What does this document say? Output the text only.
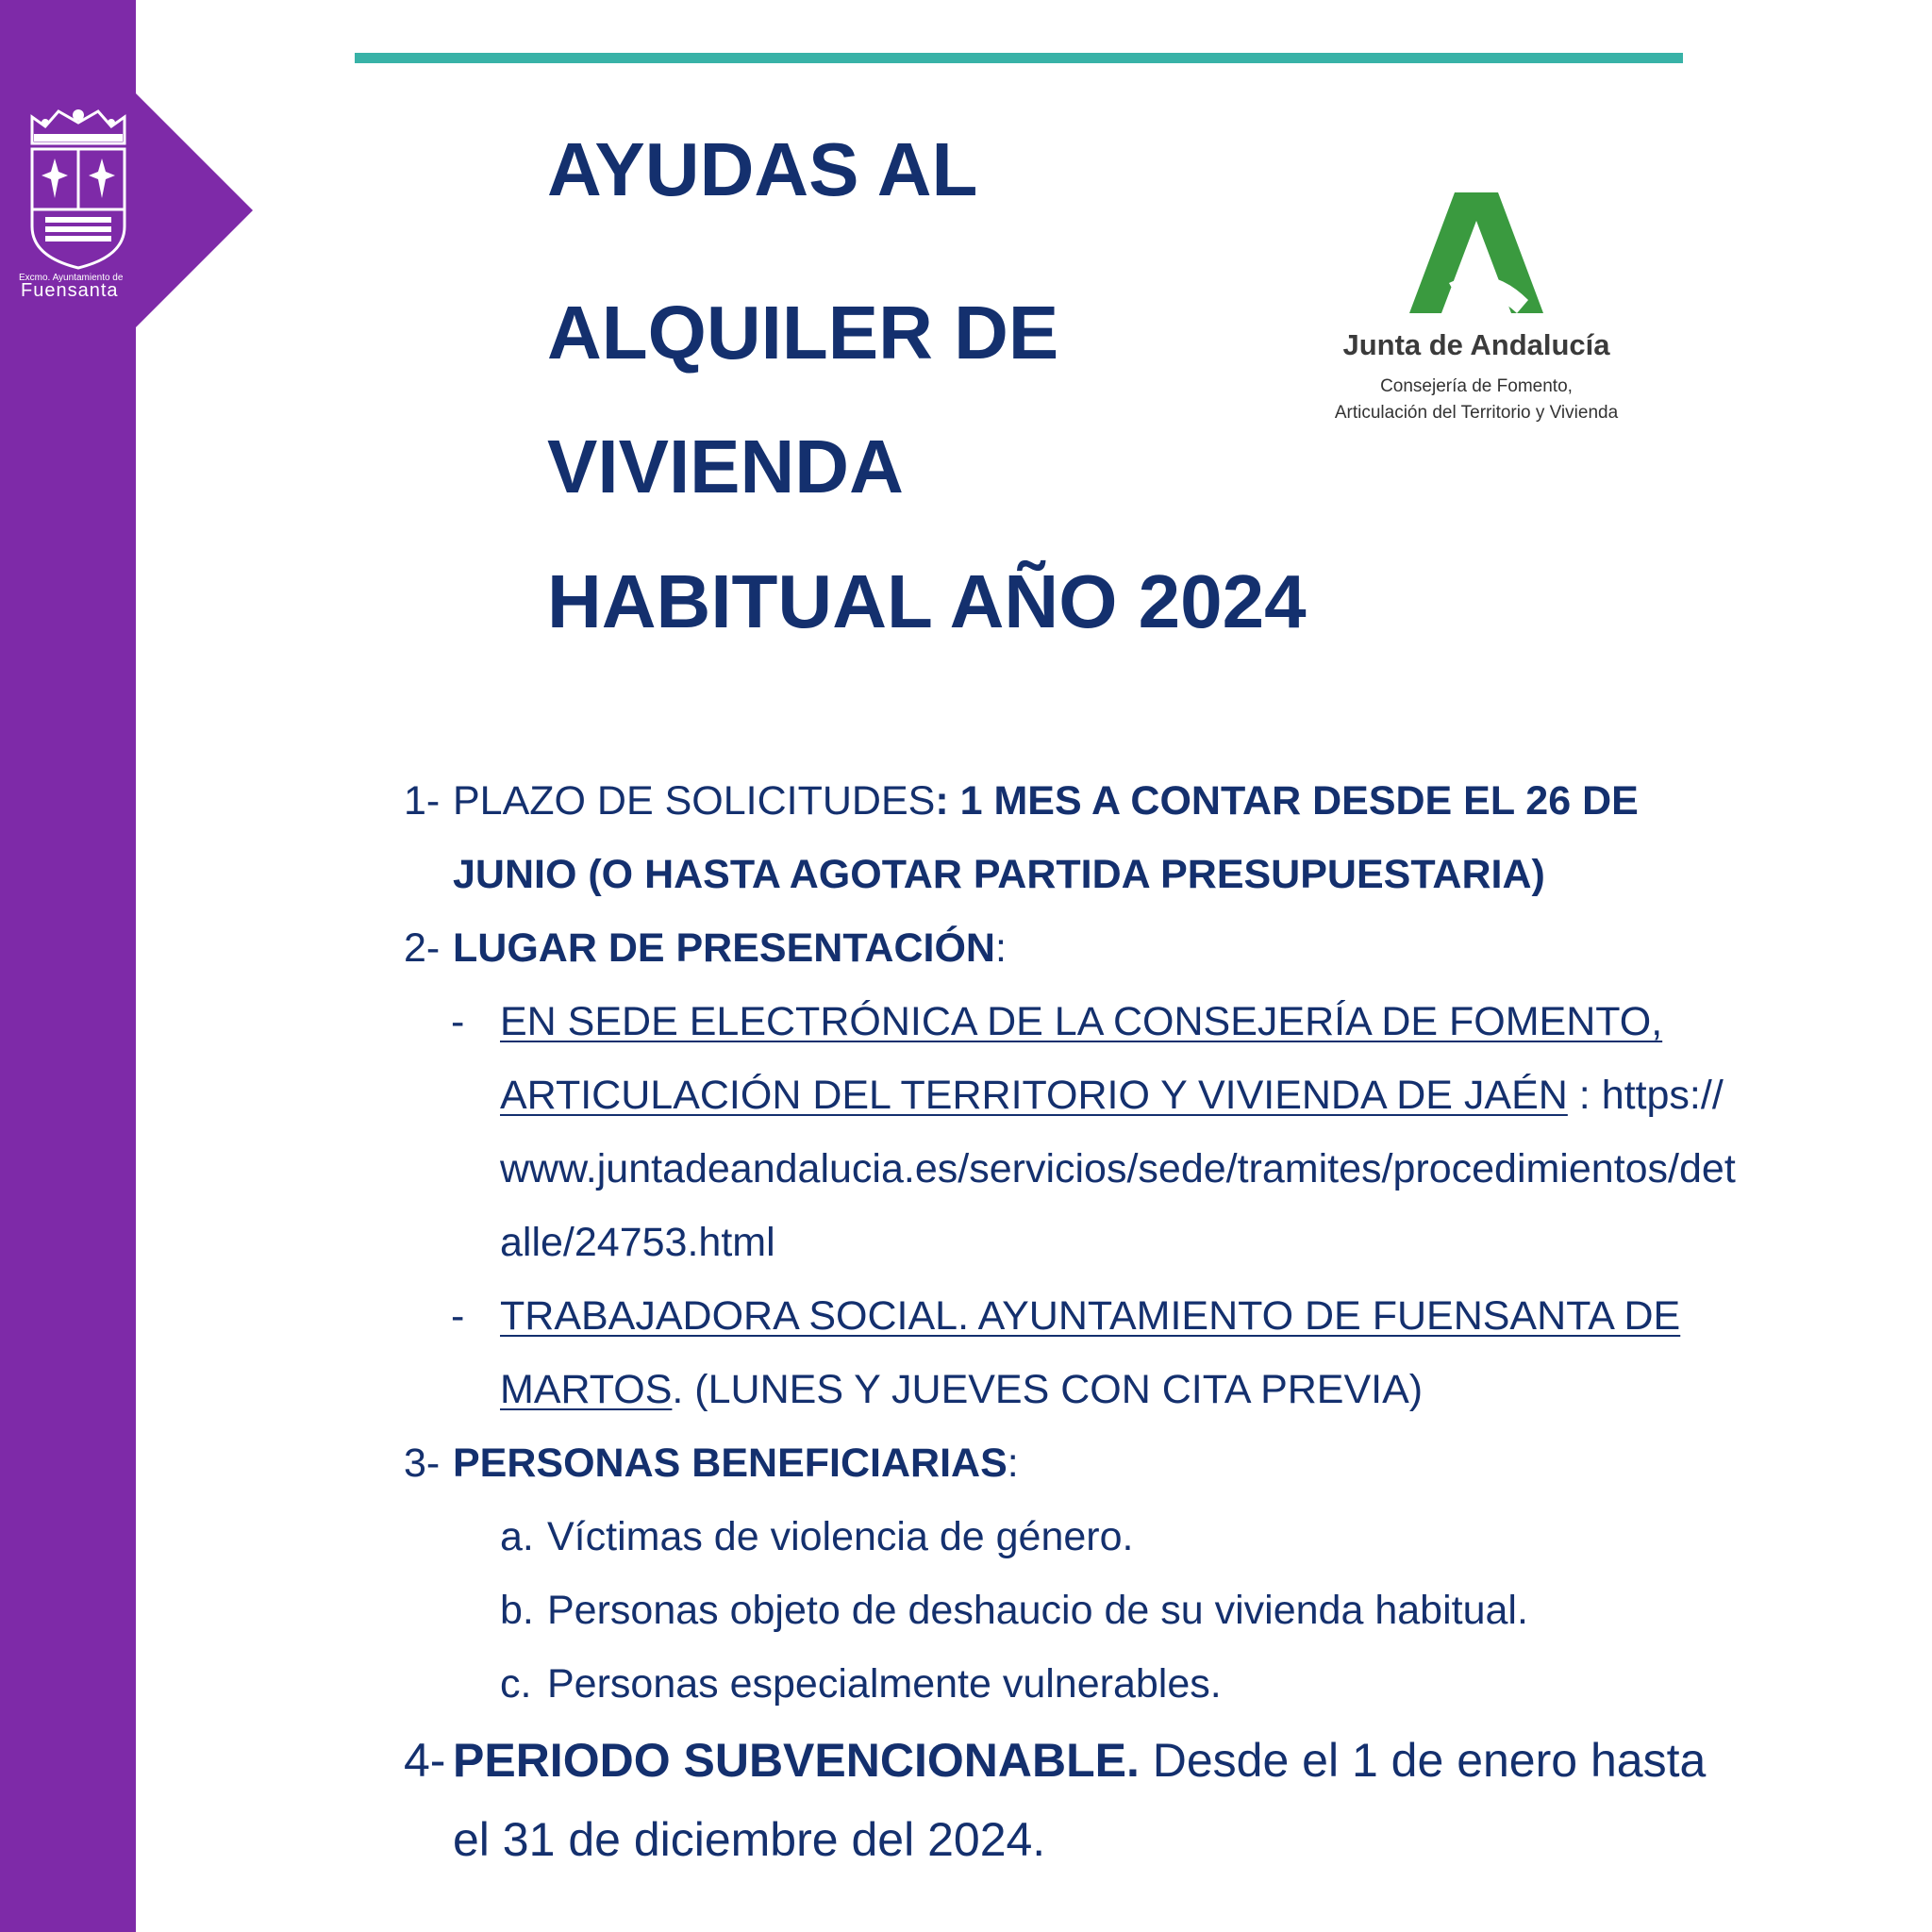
Excmo. Ayuntamiento de
Fuensanta
AYUDAS AL
ALQUILER DE
VIVIENDA
HABITUAL AÑO 2024
Junta de Andalucía
Consejería de Fomento,
Articulación del Territorio y Vivienda
1- PLAZO DE SOLICITUDES: 1 MES A CONTAR DESDE EL 26 DE JUNIO (O HASTA AGOTAR PARTIDA PRESUPUESTARIA)
2- LUGAR DE PRESENTACIÓN:
- EN SEDE ELECTRÓNICA DE LA CONSEJERÍA DE FOMENTO, ARTICULACIÓN DEL TERRITORIO Y VIVIENDA DE JAÉN : https://www.juntadeandalucia.es/servicios/sede/tramites/procedimientos/detalle/24753.html
- TRABAJADORA SOCIAL. AYUNTAMIENTO DE FUENSANTA DE MARTOS. (LUNES Y JUEVES CON CITA PREVIA)
3- PERSONAS BENEFICIARIAS:
a. Víctimas de violencia de género.
b. Personas objeto de deshaucio de su vivienda habitual.
c. Personas especialmente vulnerables.
4- PERIODO SUBVENCIONABLE. Desde el 1 de enero hasta el 31 de diciembre del 2024.
